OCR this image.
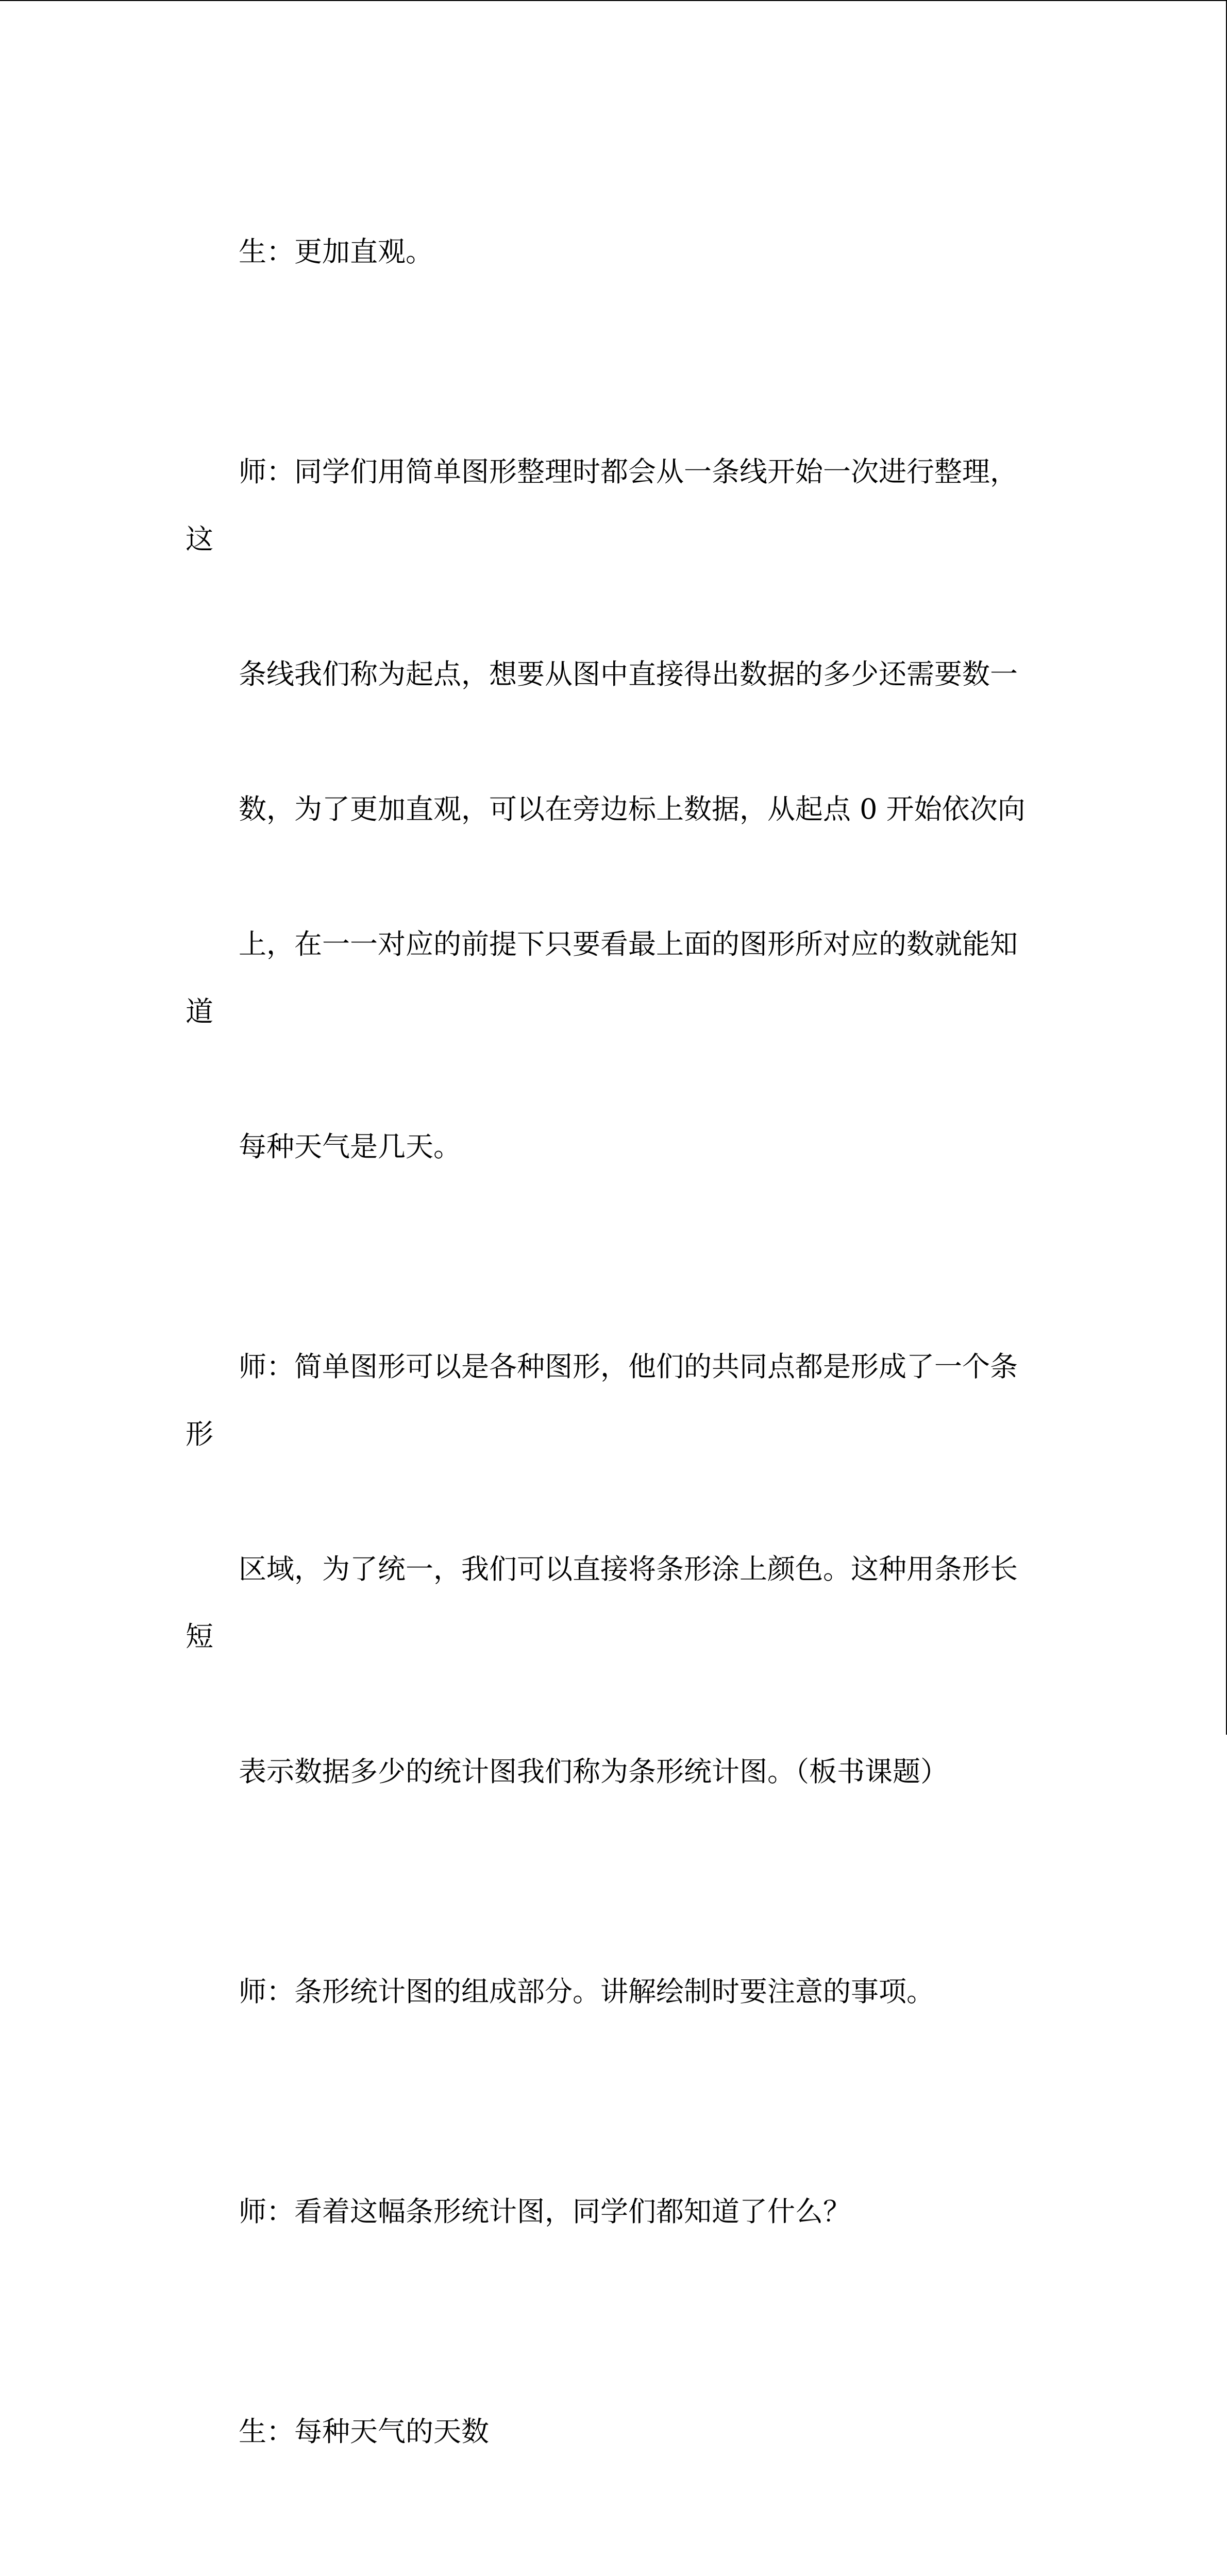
生：更加直观。

师：同学们用简单图形整理时都会从一条线开始一次进行整理，这

条线我们称为起点，想要从图中直接得出数据的多少还需要数一

数，为了更加直观，可以在旁边标上数据，从起点 0 开始依次向

上，在一一对应的前提下只要看最上面的图形所对应的数就能知道

每种天气是几天。

师：简单图形可以是各种图形，他们的共同点都是形成了一个条形

区域，为了统一，我们可以直接将条形涂上颜色。这种用条形长短

表示数据多少的统计图我们称为条形统计图。（板书课题）

师：条形统计图的组成部分。讲解绘制时要注意的事项。

师：看着这幅条形统计图，同学们都知道了什么？

生：每种天气的天数
